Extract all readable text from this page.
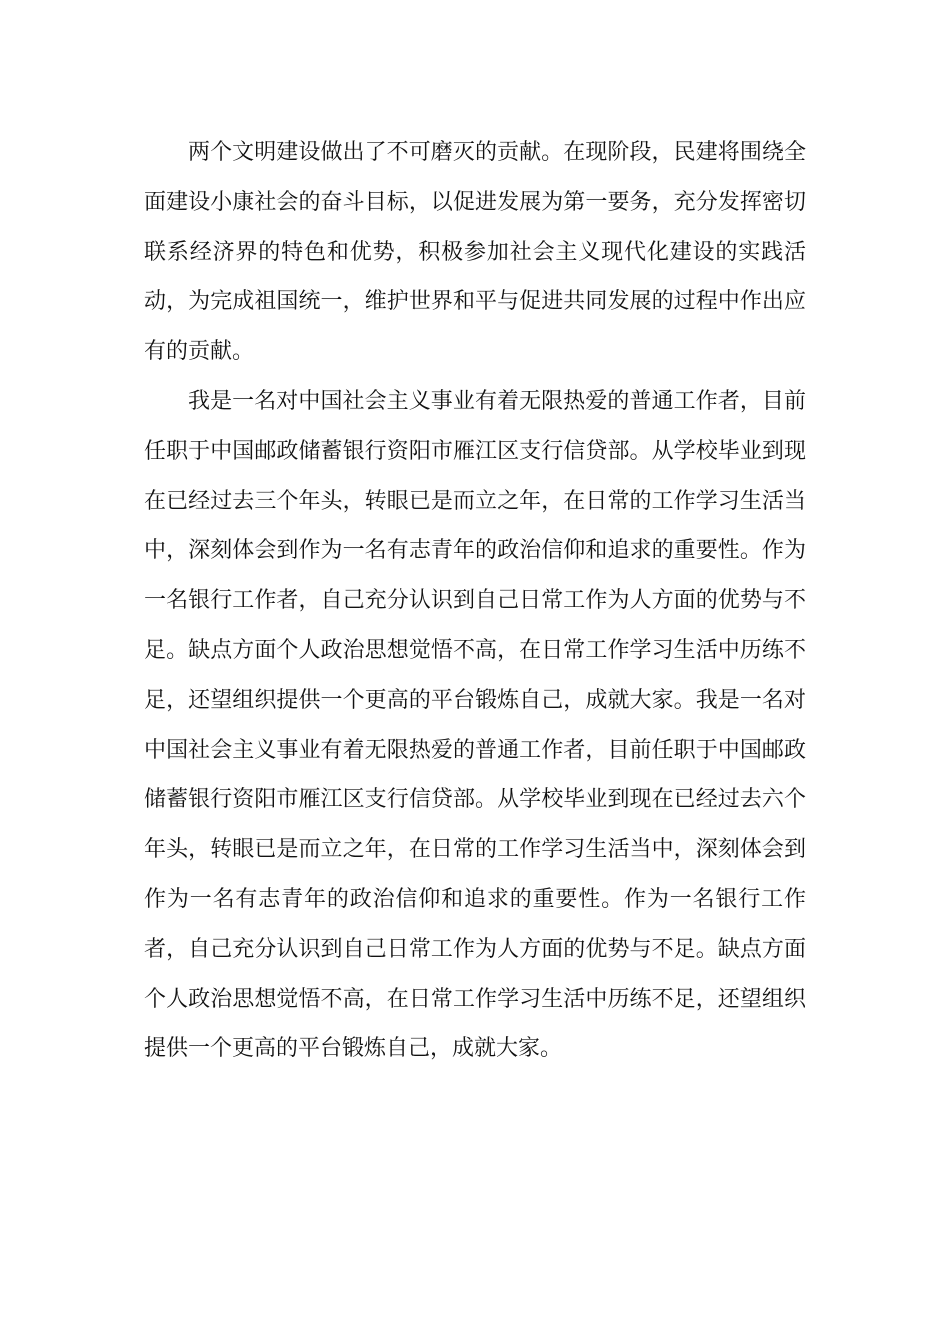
两个文明建设做出了不可磨灭的贡献。在现阶段，民建将围绕全面建设小康社会的奋斗目标，以促进发展为第一要务，充分发挥密切联系经济界的特色和优势，积极参加社会主义现代化建设的实践活动，为完成祖国统一，维护世界和平与促进共同发展的过程中作出应有的贡献。

我是一名对中国社会主义事业有着无限热爱的普通工作者，目前任职于中国邮政储蓄银行资阳市雁江区支行信贷部。从学校毕业到现在已经过去三个年头，转眼已是而立之年，在日常的工作学习生活当中，深刻体会到作为一名有志青年的政治信仰和追求的重要性。作为一名银行工作者，自己充分认识到自己日常工作为人方面的优势与不足。缺点方面个人政治思想觉悟不高，在日常工作学习生活中历练不足，还望组织提供一个更高的平台锻炼自己，成就大家。我是一名对中国社会主义事业有着无限热爱的普通工作者，目前任职于中国邮政储蓄银行资阳市雁江区支行信贷部。从学校毕业到现在已经过去六个年头，转眼已是而立之年，在日常的工作学习生活当中，深刻体会到作为一名有志青年的政治信仰和追求的重要性。作为一名银行工作者，自己充分认识到自己日常工作为人方面的优势与不足。缺点方面个人政治思想觉悟不高，在日常工作学习生活中历练不足，还望组织提供一个更高的平台锻炼自己，成就大家。
